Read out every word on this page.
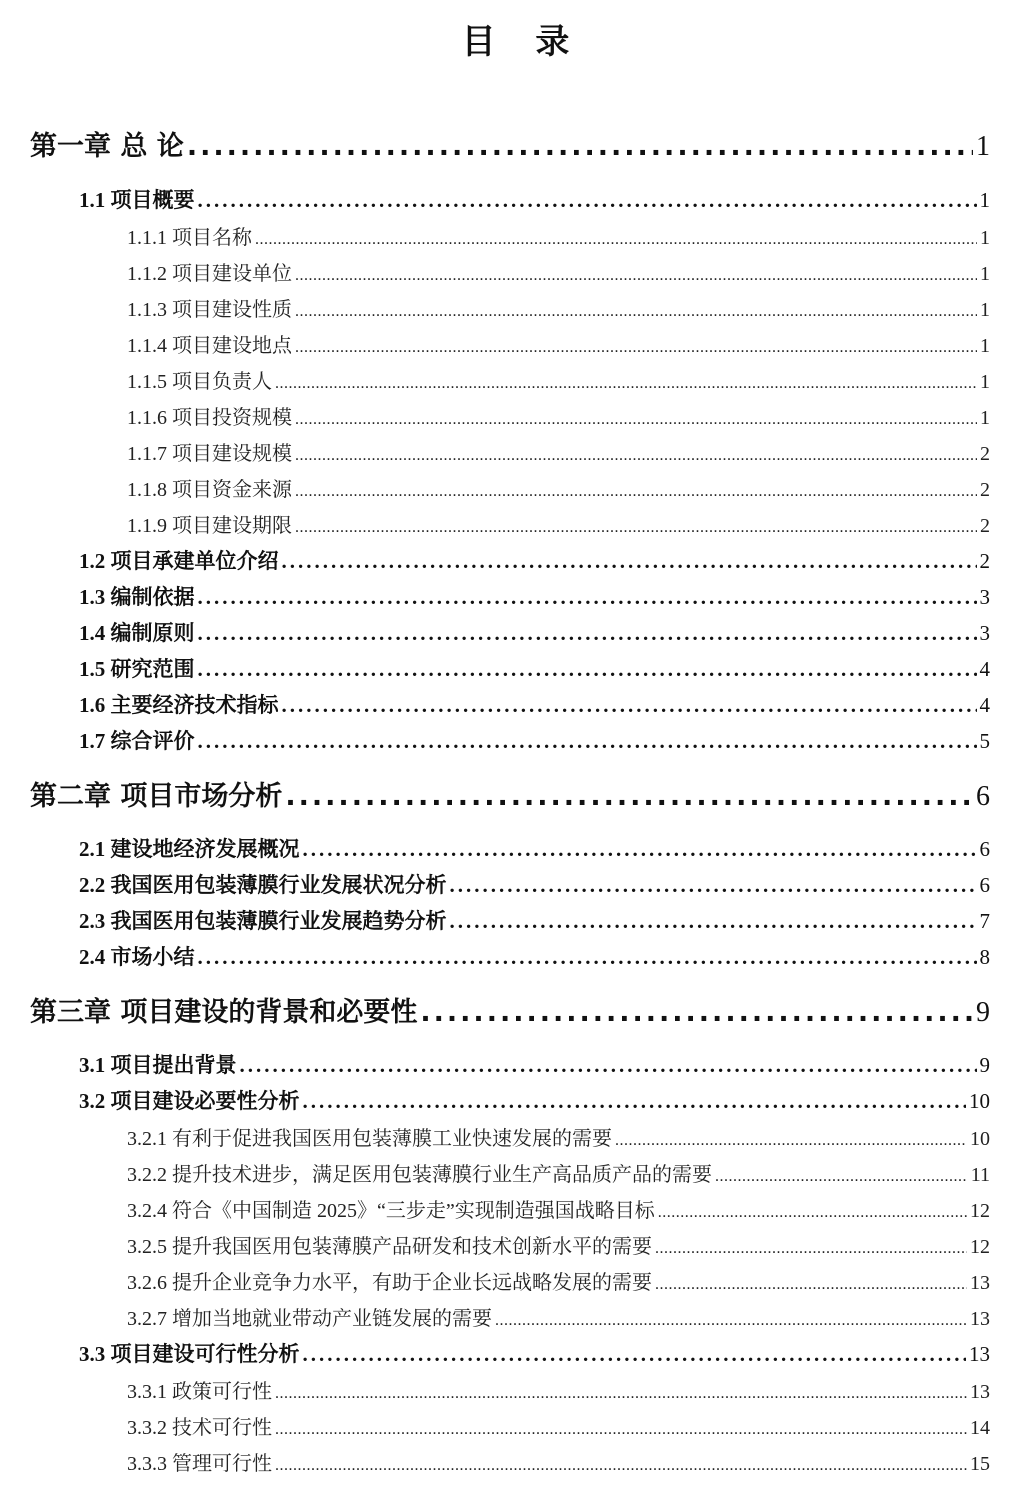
目 录
第一章 总 论 .....	1
1.1 项目概要 .....	1
1.1.1 项目名称 .....	1
1.1.2 项目建设单位 .....	1
1.1.3 项目建设性质 .....	1
1.1.4 项目建设地点 .....	1
1.1.5 项目负责人 .....	1
1.1.6 项目投资规模 .....	1
1.1.7 项目建设规模 .....	2
1.1.8 项目资金来源 .....	2
1.1.9 项目建设期限 .....	2
1.2 项目承建单位介绍 .....	2
1.3 编制依据 .....	3
1.4 编制原则 .....	3
1.5 研究范围 .....	4
1.6 主要经济技术指标 .....	4
1.7 综合评价 .....	5
第二章 项目市场分析 .....	6
2.1 建设地经济发展概况 .....	6
2.2 我国医用包装薄膜行业发展状况分析 .....	6
2.3 我国医用包装薄膜行业发展趋势分析 .....	7
2.4 市场小结 .....	8
第三章 项目建设的背景和必要性 .....	9
3.1 项目提出背景 .....	9
3.2 项目建设必要性分析 .....	10
3.2.1 有利于促进我国医用包装薄膜工业快速发展的需要 .....	10
3.2.2 提升技术进步，满足医用包装薄膜行业生产高品质产品的需要 .....	11
3.2.4 符合《中国制造 2025》“三步走”实现制造强国战略目标 .....	12
3.2.5 提升我国医用包装薄膜产品研发和技术创新水平的需要 .....	12
3.2.6 提升企业竞争力水平，有助于企业长远战略发展的需要 .....	13
3.2.7 增加当地就业带动产业链发展的需要 .....	13
3.3 项目建设可行性分析 .....	13
3.3.1 政策可行性 .....	13
3.3.2 技术可行性 .....	14
3.3.3 管理可行性 .....	15
